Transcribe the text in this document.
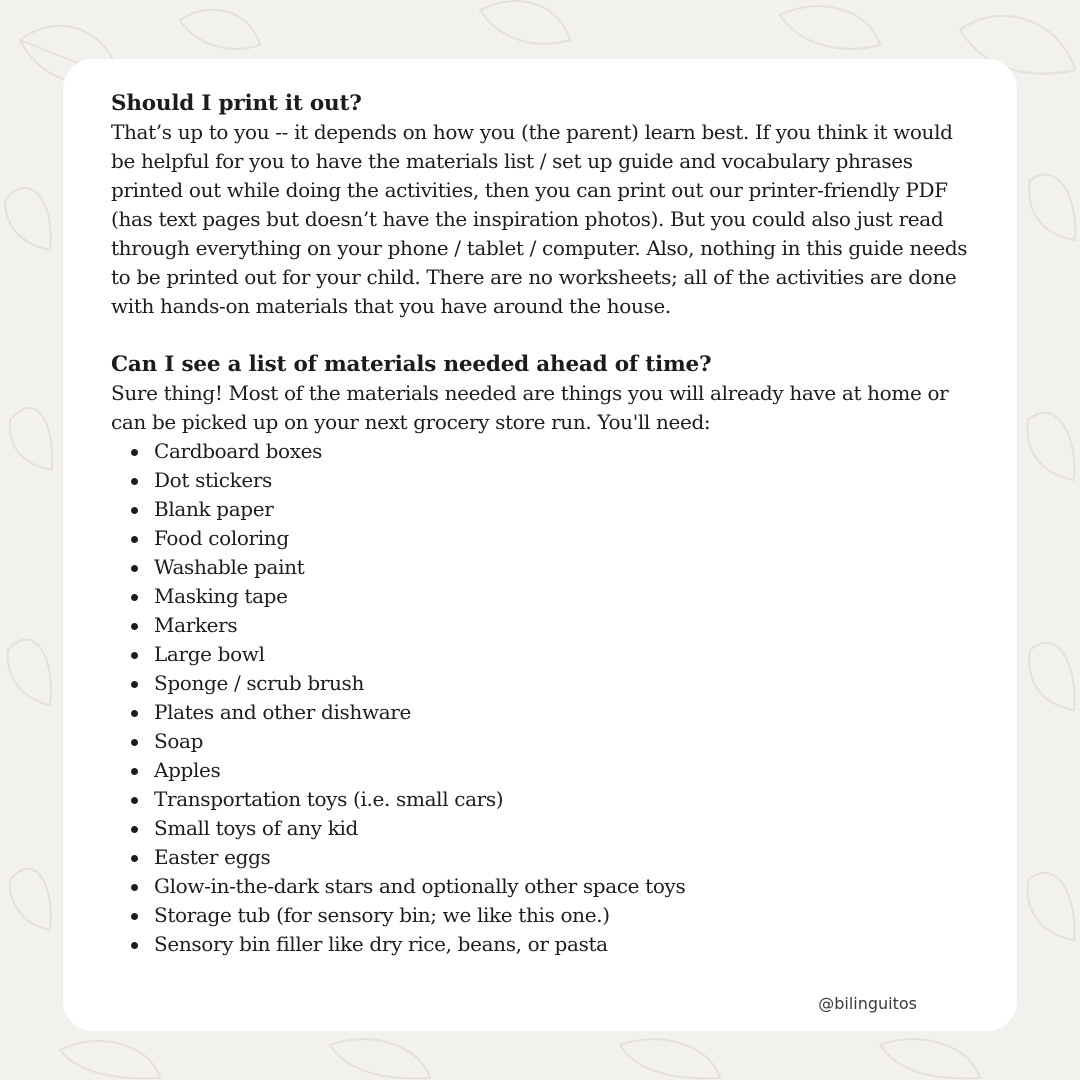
Should I print it out?

That’s up to you -- it depends on how you (the parent) learn best. If you think it would be helpful for you to have the materials list / set up guide and vocabulary phrases printed out while doing the activities, then you can print out our printer-friendly PDF (has text pages but doesn’t have the inspiration photos). But you could also just read through everything on your phone / tablet / computer. Also, nothing in this guide needs to be printed out for your child. There are no worksheets; all of the activities are done with hands-on materials that you have around the house.

Can I see a list of materials needed ahead of time?

Sure thing! Most of the materials needed are things you will already have at home or can be picked up on your next grocery store run. You'll need:

Cardboard boxes
Dot stickers
Blank paper
Food coloring
Washable paint
Masking tape
Markers
Large bowl
Sponge / scrub brush
Plates and other dishware
Soap
Apples
Transportation toys (i.e. small cars)
Small toys of any kid
Easter eggs
Glow-in-the-dark stars and optionally other space toys
Storage tub (for sensory bin; we like this one.)
Sensory bin filler like dry rice, beans, or pasta
@bilinguitos
